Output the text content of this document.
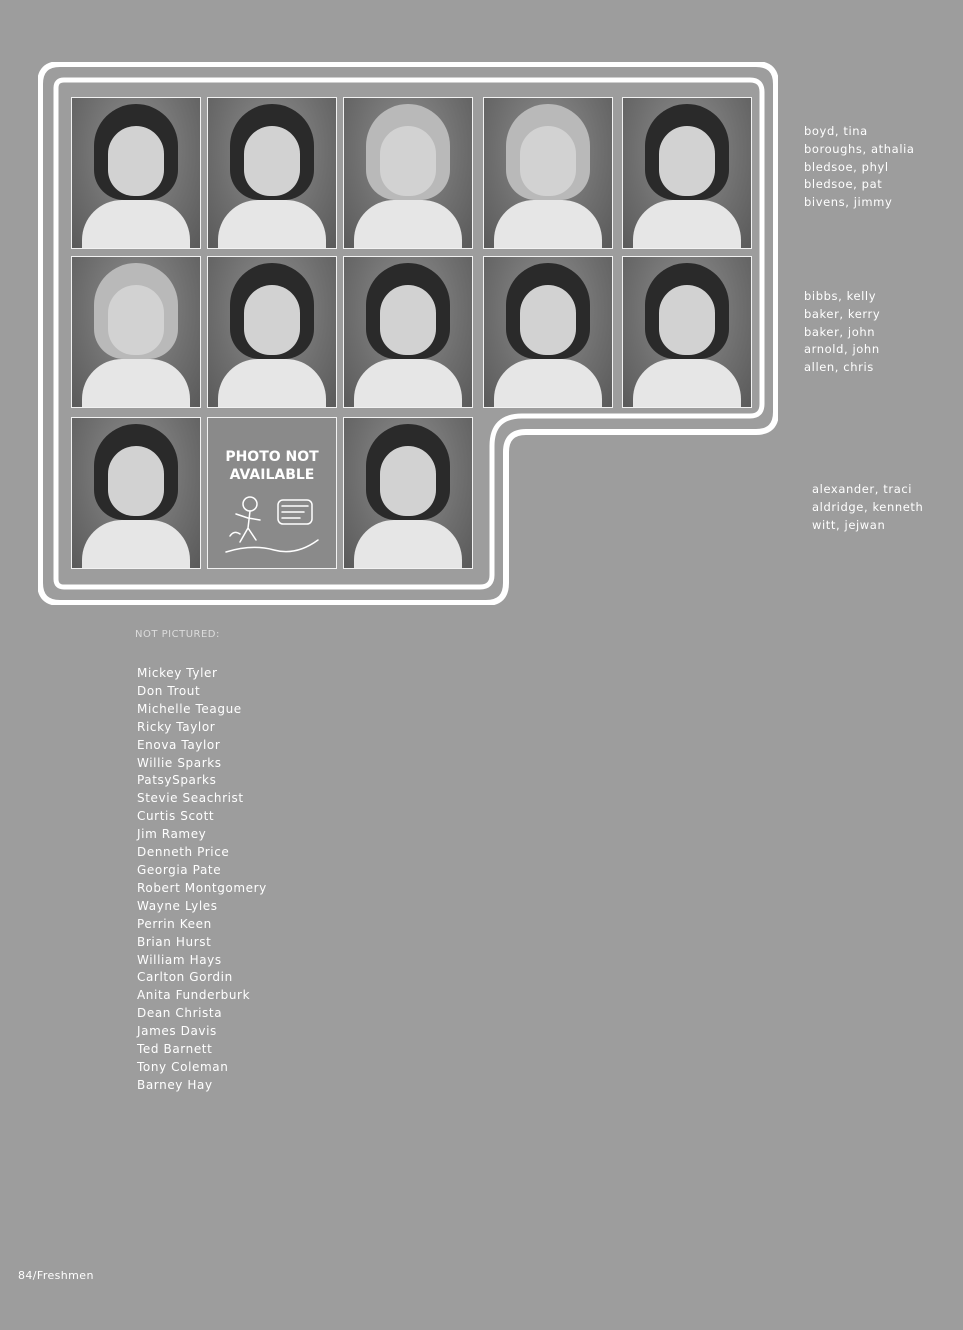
PHOTO NOT
AVAILABLE
boyd, tina
boroughs, athalia
bledsoe, phyl
bledsoe, pat
bivens, jimmy
bibbs, kelly
baker, kerry
baker, john
arnold, john
allen, chris
alexander, traci
aldridge, kenneth
witt, jejwan
NOT PICTURED:
Mickey Tyler
Don Trout
Michelle Teague
Ricky Taylor
Enova Taylor
Willie Sparks
PatsySparks
Stevie Seachrist
Curtis Scott
Jim Ramey
Denneth Price
Georgia Pate
Robert Montgomery
Wayne Lyles
Perrin Keen
Brian Hurst
William Hays
Carlton Gordin
Anita Funderburk
Dean Christa
James Davis
Ted Barnett
Tony Coleman
Barney Hay
84/Freshmen
